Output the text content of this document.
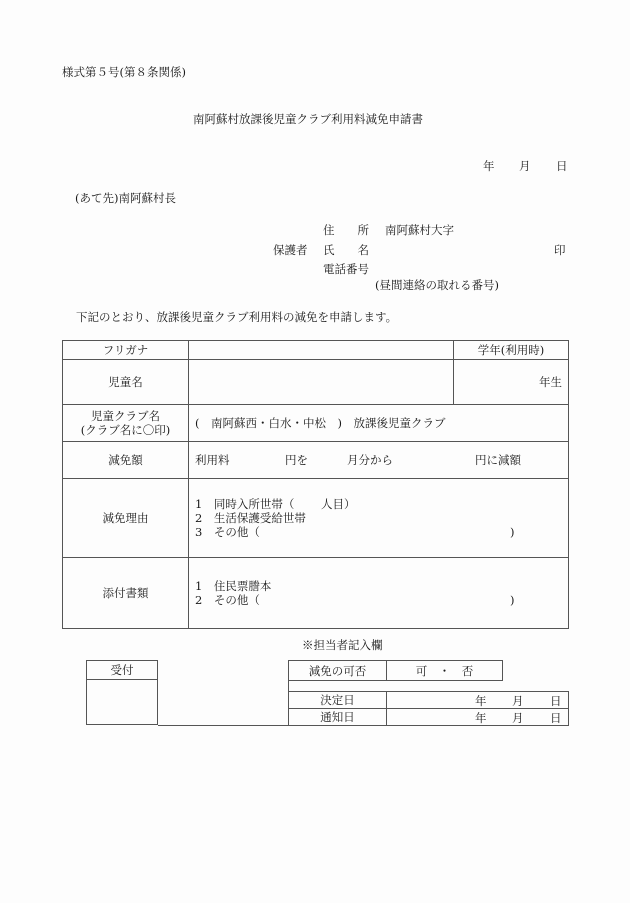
様式第５号(第８条関係)
南阿蘇村放課後児童クラブ利用料減免申請書
年 月 日
(あて先)南阿蘇村長
住　　所 南阿蘇村大字
保護者 氏　　名	印
電話番号
(昼間連絡の取れる番号)
下記のとおり、放課後児童クラブ利用料の減免を申請します。
フリガナ		学年(利用時)
児童名		年生

児童クラブ名
(クラブ名に〇印)	(　南阿蘇西・白水・中松　)　放課後児童クラブ	
減免額	利用料 円を 月分から 円に減額	
減免理由	1　同時入所世帯（　　 人目）
2　生活保護受給世帯
3　その他（ )	

添付書類	1　住民票謄本
2　その他（ )	
※担当者記入欄
受付	減免の可否	可　・　否
決定日	年 月 日

通知日	年 月 日
